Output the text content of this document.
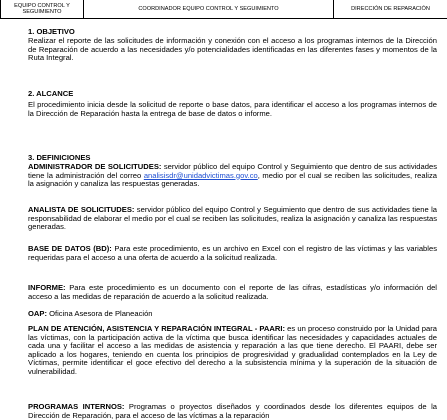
EQUIPO CONTROL Y SEGUIMIENTO	COORDINADOR EQUIPO CONTROL Y SEGUIMIENTO	DIRECCIÓN DE REPARACIÓN
1. OBJETIVO
Realizar el reporte de las solicitudes de información y conexión con el acceso a los programas internos de la Dirección de Reparación de acuerdo a las necesidades y/o potencialidades identificadas en las diferentes fases y momentos de la Ruta Integral.
2. ALCANCE
El procedimiento inicia desde la solicitud de reporte o base datos, para identificar el acceso a los programas internos de la Dirección de Reparación hasta la entrega de base de datos o informe.
3. DEFINICIONES
ADMINISTRADOR DE SOLICITUDES: servidor público del equipo Control y Seguimiento que dentro de sus actividades tiene la administración del correo analisisdr@unidadvictimas.gov.co, medio por el cual se reciben las solicitudes, realiza la asignación y canaliza las respuestas generadas.
ANALISTA DE SOLICITUDES: servidor público del equipo Control y Seguimiento que dentro de sus actividades tiene la responsabilidad de elaborar el medio por el cual se reciben las solicitudes, realiza la asignación y canaliza las respuestas generadas.
BASE DE DATOS (BD): Para este procedimiento, es un archivo en Excel con el registro de las víctimas y las variables requeridas para el acceso a una oferta de acuerdo a la solicitud realizada.
INFORME: Para este procedimiento es un documento con el reporte de las cifras, estadísticas y/o información del acceso a las medidas de reparación de acuerdo a la solicitud realizada.
OAP: Oficina Asesora de Planeación
PLAN DE ATENCIÓN, ASISTENCIA Y REPARACIÓN INTEGRAL - PAARI: es un proceso construido por la Unidad para las víctimas, con la participación activa de la víctima que busca identificar las necesidades y capacidades actuales de cada una y facilitar el acceso a las medidas de asistencia y reparación a las que tiene derecho. El PAARI, debe ser aplicado a los hogares, teniendo en cuenta los principios de progresividad y gradualidad contemplados en la Ley de Víctimas, permite identificar el goce efectivo del derecho a la subsistencia mínima y la superación de la situación de vulnerabilidad.
PROGRAMAS INTERNOS: Programas o proyectos diseñados y coordinados desde los diferentes equipos de la Dirección de Reparación, para el acceso de las víctimas a la reparación
